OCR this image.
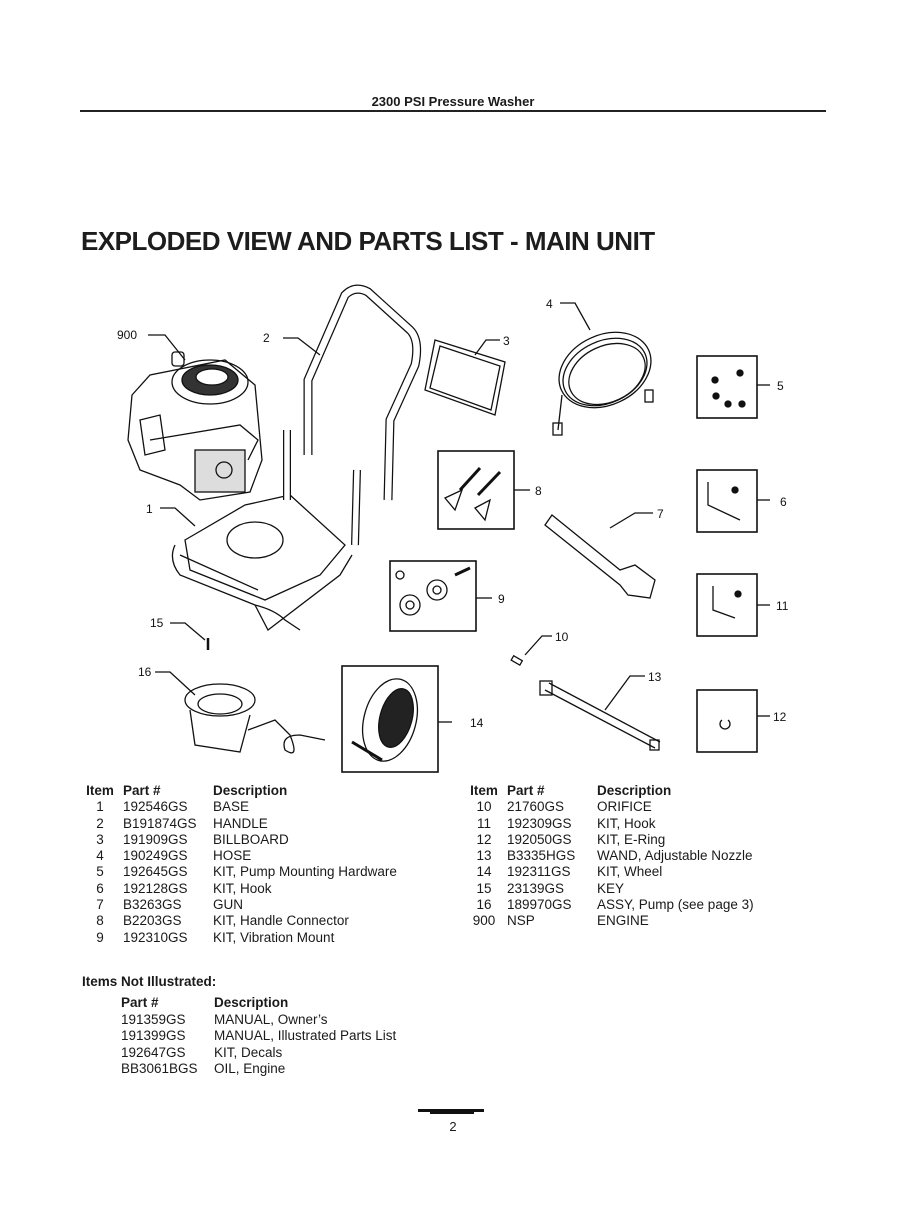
2300 PSI Pressure Washer
EXPLODED VIEW AND PARTS LIST - MAIN UNIT
900	2	3
4
5
1
8
7
6
9	11
15
10
16	13
14	12
Item Part #	Description
1	192546GS	BASE
2	B191874GS	HANDLE
3	191909GS	BILLBOARD
4	190249GS	HOSE
5	192645GS	KIT, Pump Mounting Hardware
6	192128GS	KIT, Hook
7	B3263GS	GUN
8	B2203GS	KIT, Handle Connector
9	192310GS	KIT, Vibration Mount
Item Part #	Description
10	21760GS	ORIFICE
11	192309GS	KIT, Hook
12	192050GS	KIT, E-Ring
13	B3335HGS	WAND, Adjustable Nozzle
14	192311GS	KIT, Wheel
15	23139GS	KEY
16	189970GS	ASSY, Pump (see page 3)
900 NSP	ENGINE
Items Not Illustrated:
Part #	Description
191359GS	MANUAL, Owner’s
191399GS	MANUAL, Illustrated Parts List
192647GS	KIT, Decals
BB3061BGS	OIL, Engine
2
